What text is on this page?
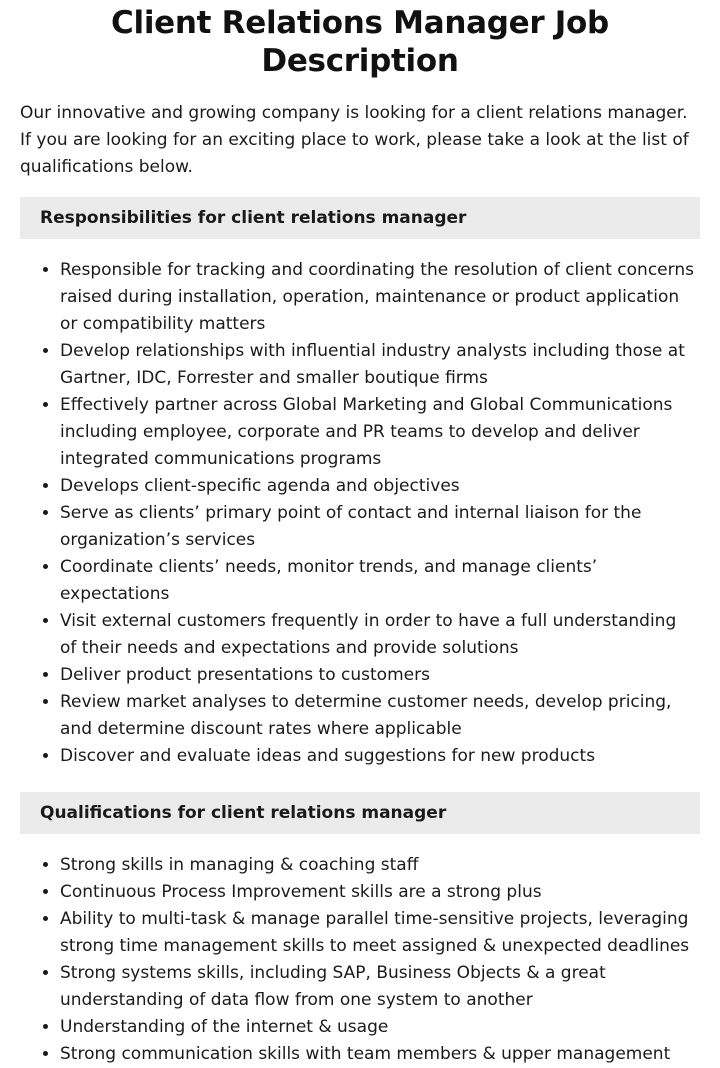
Client Relations Manager Job Description

Our innovative and growing company is looking for a client relations manager. If you are looking for an exciting place to work, please take a look at the list of qualifications below.

Responsibilities for client relations manager
• Responsible for tracking and coordinating the resolution of client concerns raised during installation, operation, maintenance or product application or compatibility matters
• Develop relationships with influential industry analysts including those at Gartner, IDC, Forrester and smaller boutique firms
• Effectively partner across Global Marketing and Global Communications including employee, corporate and PR teams to develop and deliver integrated communications programs
• Develops client-specific agenda and objectives
• Serve as clients’ primary point of contact and internal liaison for the organization’s services
• Coordinate clients’ needs, monitor trends, and manage clients’ expectations
• Visit external customers frequently in order to have a full understanding of their needs and expectations and provide solutions
• Deliver product presentations to customers
• Review market analyses to determine customer needs, develop pricing, and determine discount rates where applicable
• Discover and evaluate ideas and suggestions for new products
Qualifications for client relations manager
• Strong skills in managing & coaching staff
• Continuous Process Improvement skills are a strong plus
• Ability to multi-task & manage parallel time-sensitive projects, leveraging strong time management skills to meet assigned & unexpected deadlines
• Strong systems skills, including SAP, Business Objects & a great understanding of data flow from one system to another
• Understanding of the internet & usage
• Strong communication skills with team members & upper management
